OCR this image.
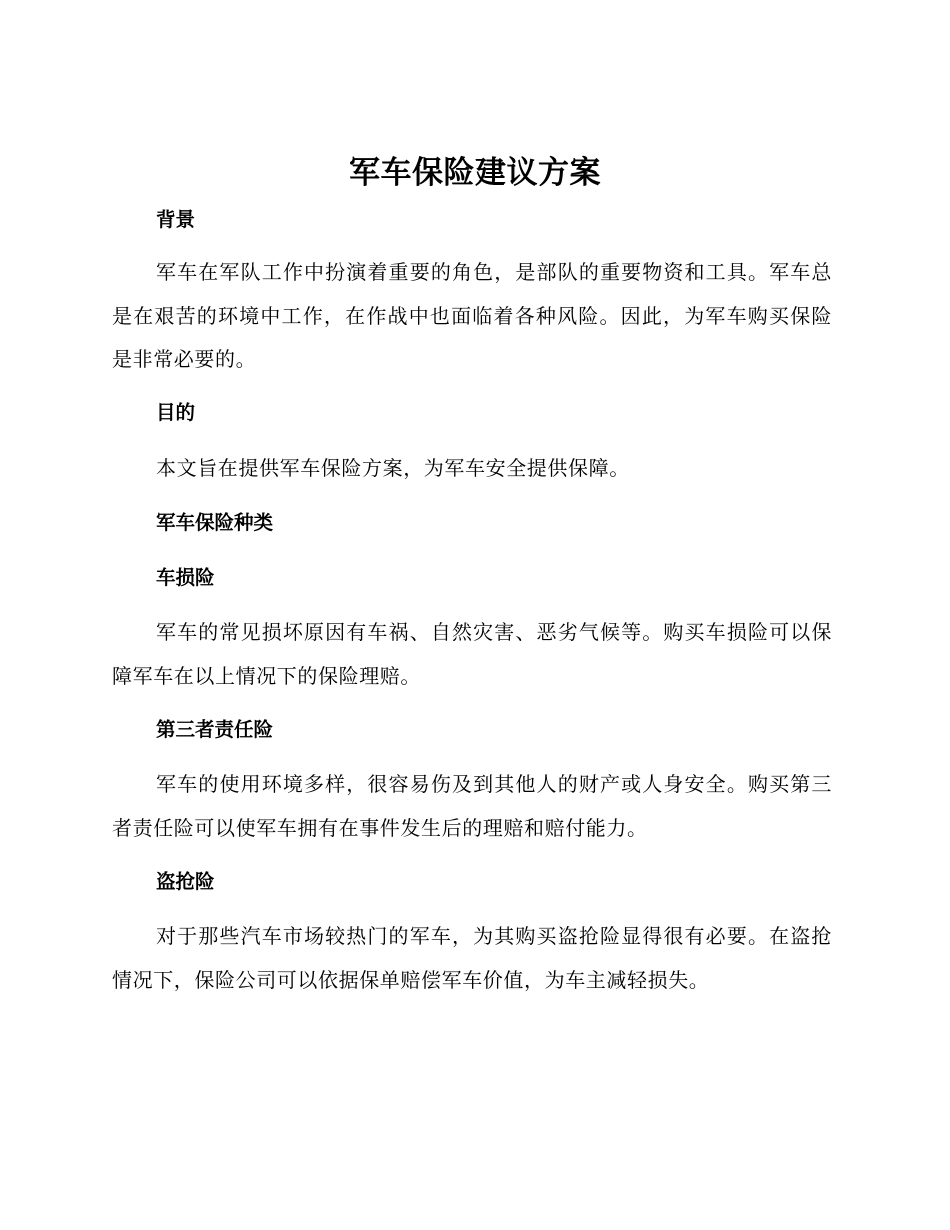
军车保险建议方案
背景

军车在军队工作中扮演着重要的角色，是部队的重要物资和工具。军车总是在艰苦的环境中工作，在作战中也面临着各种风险。因此，为军车购买保险是非常必要的。

目的

本文旨在提供军车保险方案，为军车安全提供保障。

军车保险种类
车损险

军车的常见损坏原因有车祸、自然灾害、恶劣气候等。购买车损险可以保障军车在以上情况下的保险理赔。

第三者责任险

军车的使用环境多样，很容易伤及到其他人的财产或人身安全。购买第三者责任险可以使军车拥有在事件发生后的理赔和赔付能力。

盗抢险

对于那些汽车市场较热门的军车，为其购买盗抢险显得很有必要。在盗抢情况下，保险公司可以依据保单赔偿军车价值，为车主减轻损失。
